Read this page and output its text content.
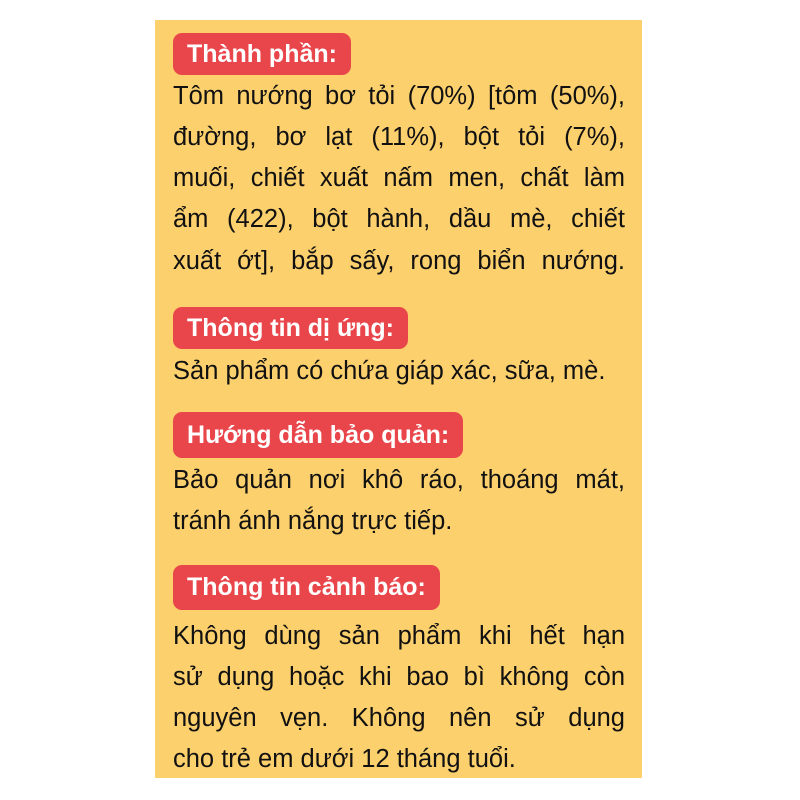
Thành phần:
Tôm nướng bơ tỏi (70%) [tôm (50%),
đường, bơ lạt (11%), bột tỏi (7%),
muối, chiết xuất nấm men, chất làm
ẩm (422), bột hành, dầu mè, chiết
xuất ớt], bắp sấy, rong biển nướng.
Thông tin dị ứng:
Sản phẩm có chứa giáp xác, sữa, mè.
Hướng dẫn bảo quản:
Bảo quản nơi khô ráo, thoáng mát,
tránh ánh nắng trực tiếp.
Thông tin cảnh báo:
Không dùng sản phẩm khi hết hạn
sử dụng hoặc khi bao bì không còn
nguyên vẹn. Không nên sử dụng
cho trẻ em dưới 12 tháng tuổi.
